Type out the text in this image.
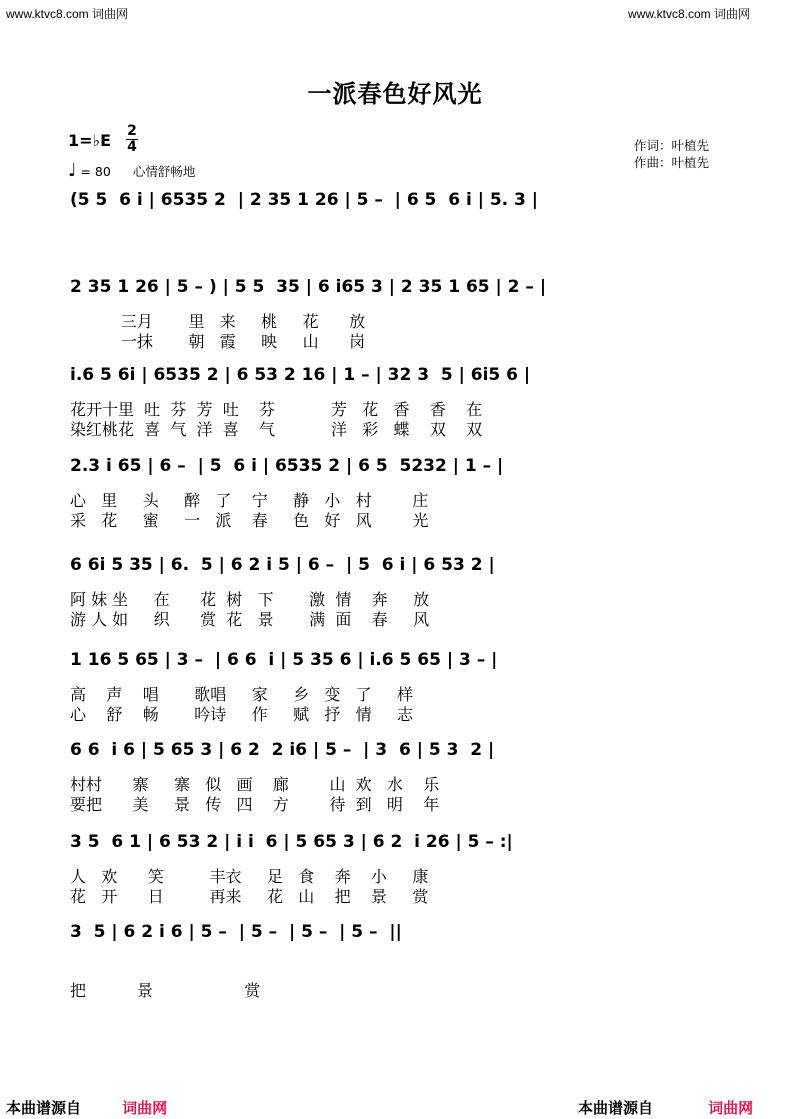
www.ktvc8.com 词曲网	www.ktvc8.com 词曲网
一派春色好风光
1=♭E 2
4
♩ = 80 心情舒畅地
作词：叶植先
作曲：叶植先
(5 5  6 i | 6535 2  | 2 35 1 26 | 5 –  | 6 5  6 i | 5. 3 |
2 35 1 26 | 5 – ) | 5 5  35 | 6 i65 3 | 2 35 1 65 | 2 – |
三月       里   来     桃     花      放
一抹       朝   霞     映     山      岗
i.6 5 6i | 6535 2 | 6 53 2 16 | 1 – | 32 3  5 | 6i5 6 |
花开十里  吐  芬  芳  吐    芬           芳   花   香    香    在
染红桃花  喜  气  洋  喜    气           洋   彩   蝶    双    双
2.3 i 65 | 6 –  | 5  6 i | 6535 2 | 6 5  5232 | 1 – |
心   里     头     醉   了    宁     静   小   村        庄
采   花     蜜     一   派    春     色   好   风        光
6 6i 5 35 | 6.  5 | 6 2 i 5 | 6 –  | 5  6 i | 6 53 2 |
阿 妹 坐     在      花  树   下       激  情    奔     放
游 人 如     织      赏  花   景       满  面    春     风
1 16 5 65 | 3 –  | 6 6  i | 5 35 6 | i.6 5 65 | 3 – |
高    声    唱       歌唱     家     乡   变   了     样
心    舒    畅       吟诗     作     赋   抒   情     志
6 6  i 6 | 5 65 3 | 6 2  2 i6 | 5 –  | 3  6 | 5 3  2 |
村村      寨     寨   似   画    廊        山  欢   水    乐
要把      美     景   传   四    方        待  到   明    年
3 5  6 1 | 6 53 2 | i i  6 | 5 65 3 | 6 2  i 26 | 5 – :|
人   欢      笑         丰衣     足   食    奔    小     康
花   开      日         再来     花   山    把    景     赏
3  5 | 6 2 i 6 | 5 –  | 5 –  | 5 –  | 5 –  ||
把          景                  赏
本曲谱源自	词曲网	本曲谱源自	词曲网
